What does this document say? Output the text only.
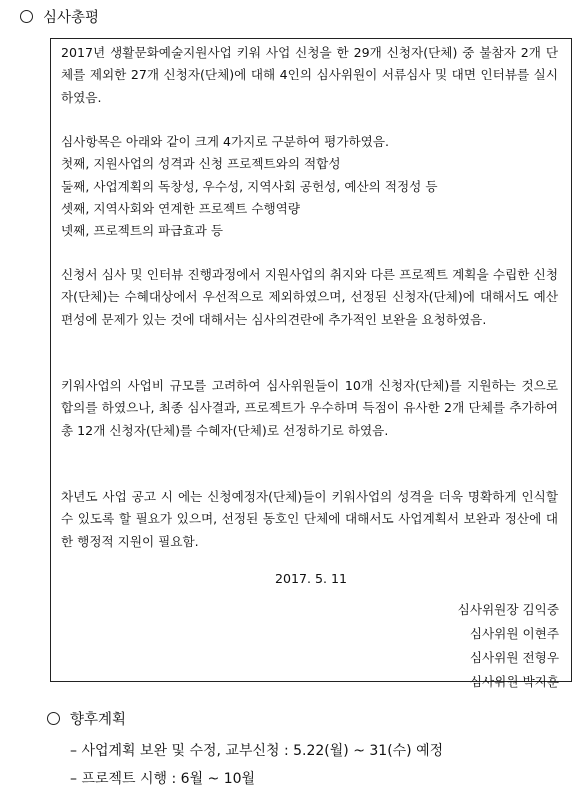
심사총평

2017년 생활문화예술지원사업 키워 사업 신청을 한 29개 신청자(단체) 중 불참자 2개 단체를 제외한 27개 신청자(단체)에 대해 4인의 심사위원이 서류심사 및 대면 인터뷰를 실시하였음.

심사항목은 아래와 같이 크게 4가지로 구분하여 평가하였음.
첫째, 지원사업의 성격과 신청 프로젝트와의 적합성
둘째, 사업계획의 독창성, 우수성, 지역사회 공헌성, 예산의 적정성 등
셋째, 지역사회와 연계한 프로젝트 수행역량
넷째, 프로젝트의 파급효과 등

신청서 심사 및 인터뷰 진행과정에서 지원사업의 취지와 다른 프로젝트 계획을 수립한 신청자(단체)는 수혜대상에서 우선적으로 제외하였으며, 선정된 신청자(단체)에 대해서도 예산편성에 문제가 있는 것에 대해서는 심사의견란에 추가적인 보완을 요청하였음.

키워사업의 사업비 규모를 고려하여 심사위원들이 10개 신청자(단체)를 지원하는 것으로 합의를 하였으나, 최종 심사결과, 프로젝트가 우수하며 득점이 유사한 2개 단체를 추가하여 총 12개 신청자(단체)를 수혜자(단체)로 선정하기로 하였음.

차년도 사업 공고 시 에는 신청예정자(단체)들이 키워사업의 성격을 더욱 명확하게 인식할 수 있도록 할 필요가 있으며, 선정된 동호인 단체에 대해서도 사업계획서 보완과 정산에 대한 행정적 지원이 필요함.

2017. 5. 11
심사위원장 김익중
심사위원 이현주
심사위원 전형우
심사위원 박지훈
향후계획
– 사업계획 보완 및 수정, 교부신청 : 5.22(월) ~ 31(수) 예정
– 프로젝트 시행 : 6월 ~ 10월
